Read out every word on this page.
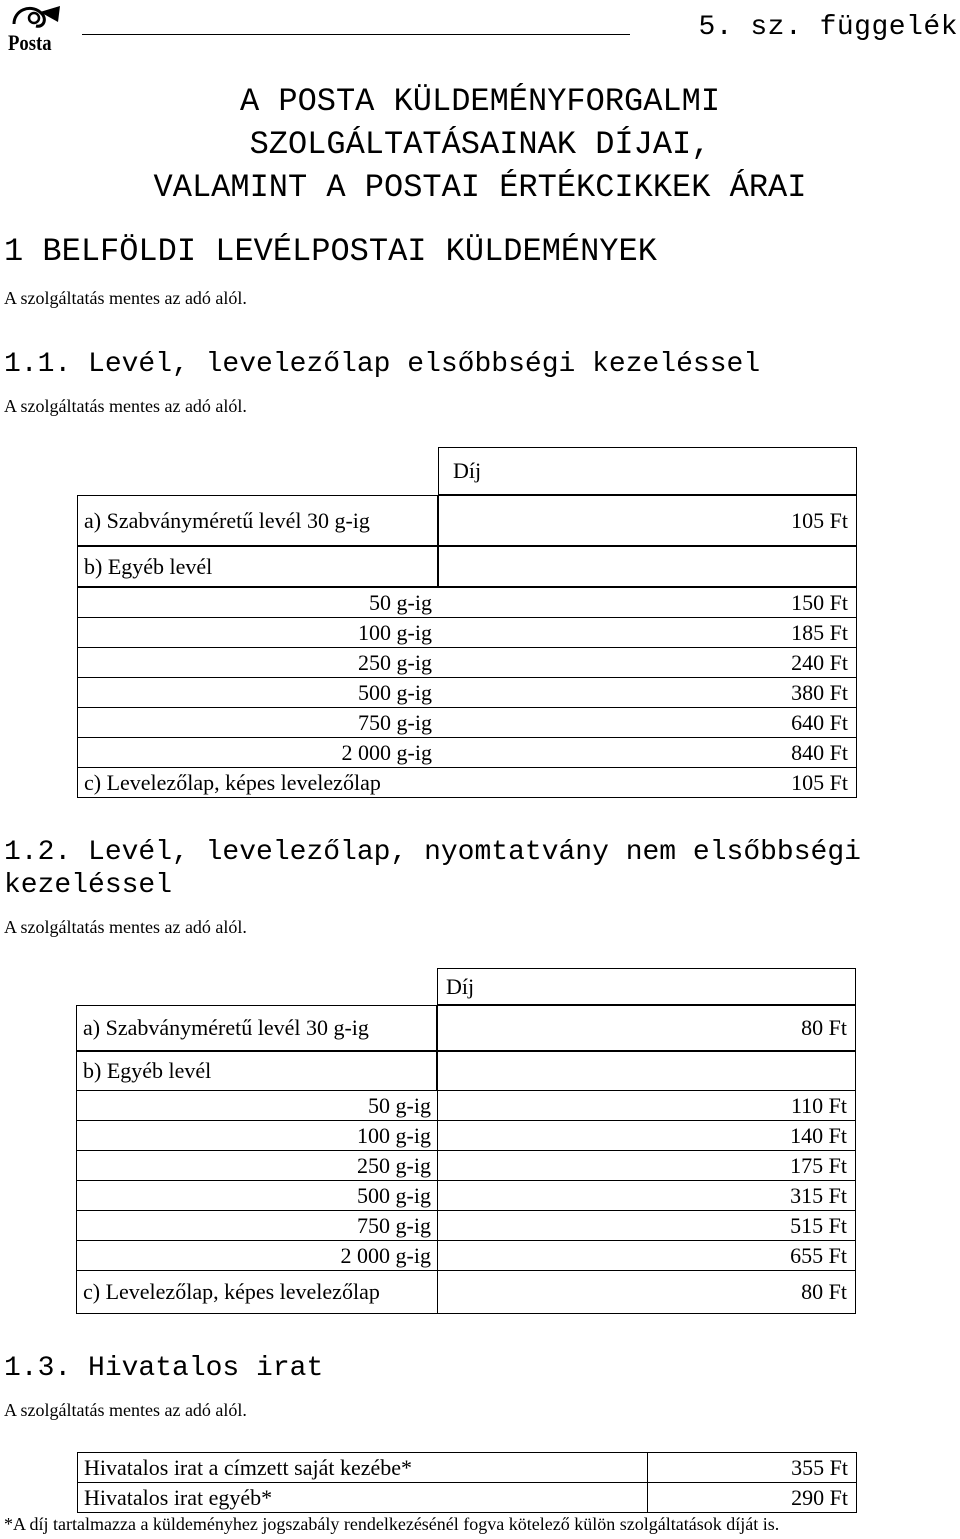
Posta	5. sz. függelék
A POSTA KÜLDEMÉNYFORGALMI
SZOLGÁLTATÁSAINAK DÍJAI,
VALAMINT A POSTAI ÉRTÉKCIKKEK ÁRAI
1 BELFÖLDI LEVÉLPOSTAI KÜLDEMÉNYEK
A szolgáltatás mentes az adó alól.
1.1. Levél, levelezőlap elsőbbségi kezeléssel
A szolgáltatás mentes az adó alól.
Díj
a) Szabványméretű levél 30 g-ig	105 Ft
b) Egyéb levél
50 g-ig	150 Ft
100 g-ig	185 Ft
250 g-ig	240 Ft
500 g-ig	380 Ft
750 g-ig	640 Ft
2 000 g-ig	840 Ft
c) Levelezőlap, képes levelezőlap	105 Ft
1.2. Levél, levelezőlap, nyomtatvány nem elsőbbségi
kezeléssel
A szolgáltatás mentes az adó alól.
Díj
a) Szabványméretű levél 30 g-ig	80 Ft
b) Egyéb levél
50 g-ig	110 Ft
100 g-ig	140 Ft
250 g-ig	175 Ft
500 g-ig	315 Ft
750 g-ig	515 Ft
2 000 g-ig	655 Ft
c) Levelezőlap, képes levelezőlap	80 Ft
1.3. Hivatalos irat
A szolgáltatás mentes az adó alól.
Hivatalos irat a címzett saját kezébe*	355 Ft
Hivatalos irat egyéb*	290 Ft
*A díj tartalmazza a küldeményhez jogszabály rendelkezésénél fogva kötelező külön szolgáltatások díját is.
